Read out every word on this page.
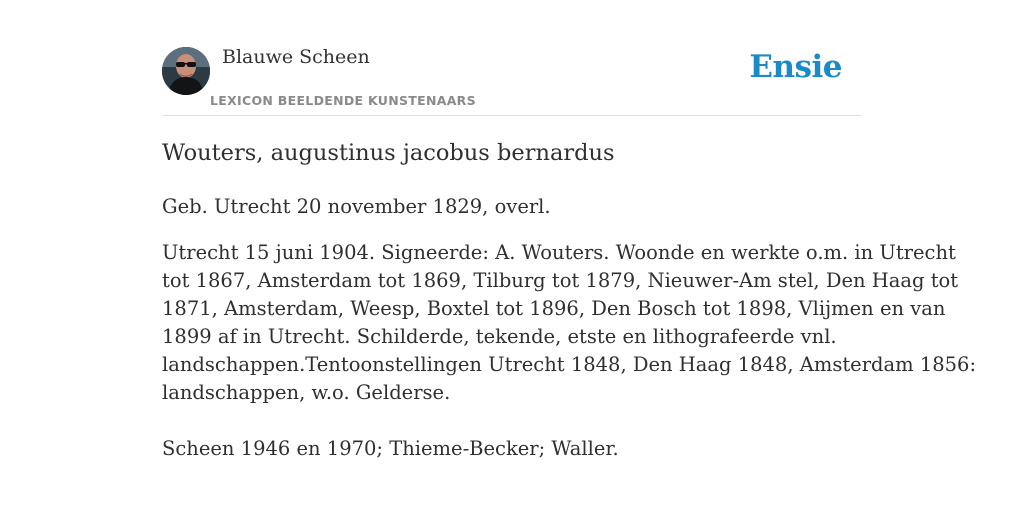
Blauwe Scheen
LEXICON BEELDENDE KUNSTENAARS
Ensie
Wouters, augustinus jacobus bernardus

Geb. Utrecht 20 november 1829, overl.

Utrecht 15 juni 1904. Signeerde: A. Wouters. Woonde en werkte o.m. in Utrecht
tot 1867, Amsterdam tot 1869, Tilburg tot 1879, Nieuwer-Am stel, Den Haag tot
1871, Amsterdam, Weesp, Boxtel tot 1896, Den Bosch tot 1898, Vlijmen en van
1899 af in Utrecht. Schilderde, tekende, etste en lithografeerde vnl.
landschappen.Tentoonstellingen Utrecht 1848, Den Haag 1848, Amsterdam 1856:
landschappen, w.o. Gelderse.

Scheen 1946 en 1970; Thieme-Becker; Waller.
